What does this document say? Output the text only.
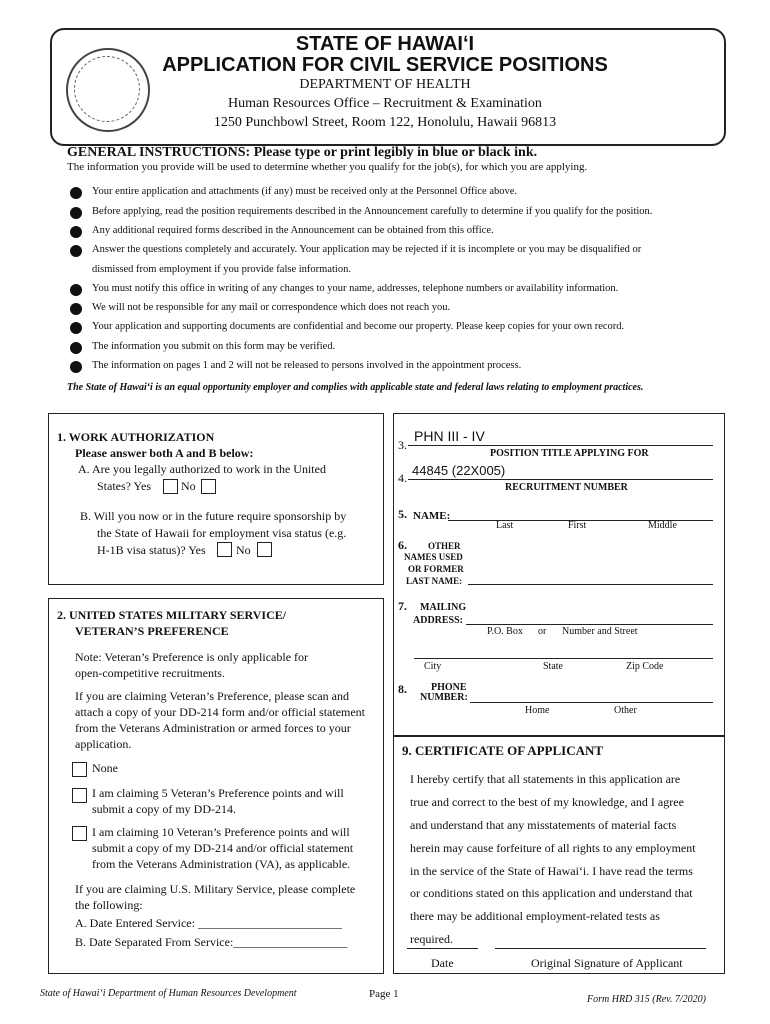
STATE OF HAWAIʻI
APPLICATION FOR CIVIL SERVICE POSITIONS
DEPARTMENT OF HEALTH
Human Resources Office – Recruitment & Examination
1250 Punchbowl Street, Room 122, Honolulu, Hawaii 96813
GENERAL INSTRUCTIONS: Please type or print legibly in blue or black ink.
The information you provide will be used to determine whether you qualify for the job(s), for which you are applying.
Your entire application and attachments (if any) must be received only at the Personnel Office above.
Before applying, read the position requirements described in the Announcement carefully to determine if you qualify for the position.
Any additional required forms described in the Announcement can be obtained from this office.
Answer the questions completely and accurately. Your application may be rejected if it is incomplete or you may be disqualified or
dismissed from employment if you provide false information.
You must notify this office in writing of any changes to your name, addresses, telephone numbers or availability information.
We will not be responsible for any mail or correspondence which does not reach you.
Your application and supporting documents are confidential and become our property. Please keep copies for your own record.
The information you submit on this form may be verified.
The information on pages 1 and 2 will not be released to persons involved in the appointment process.
The State of Hawaiʻi is an equal opportunity employer and complies with applicable state and federal laws relating to employment practices.
1. WORK AUTHORIZATION
Please answer both A and B below:
A. Are you legally authorized to work in the United
States? Yes No
B. Will you now or in the future require sponsorship by
the State of Hawaii for employment visa status (e.g.
H-1B visa status)? Yes	No
2. UNITED STATES MILITARY SERVICE/
VETERAN’S PREFERENCE
Note: Veteran’s Preference is only applicable for
open-competitive recruitments.
If you are claiming Veteran’s Preference, please scan and
attach a copy of your DD-214 form and/or official statement
from the Veterans Administration or armed forces to your
application.
None
I am claiming 5 Veteran’s Preference points and will
submit a copy of my DD-214.
I am claiming 10 Veteran’s Preference points and will
submit a copy of my DD-214 and/or official statement
from the Veterans Administration (VA), as applicable.
If you are claiming U.S. Military Service, please complete
the following:
A. Date Entered Service: ________________________
B. Date Separated From Service:___________________
3.
PHN III - IV
POSITION TITLE APPLYING FOR
4. 44845 (22X005)
RECRUITMENT NUMBER
5. NAME:
Last	First	Middle
6. OTHER
NAMES USED
OR FORMER
LAST NAME:
7. MAILING
ADDRESS:
P.O. Box or Number and Street
City	State	Zip Code
8. PHONE
NUMBER:
Home	Other
9. CERTIFICATE OF APPLICANT
I hereby certify that all statements in this application are
true and correct to the best of my knowledge, and I agree
and understand that any misstatements of material facts
herein may cause forfeiture of all rights to any employment
in the service of the State of Hawaiʻi. I have read the terms
or conditions stated on this application and understand that
there may be additional employment-related tests as
required.
Date	Original Signature of Applicant
State of Hawaiʻi Department of Human Resources Development	Page 1	Form HRD 315 (Rev. 7/2020)
